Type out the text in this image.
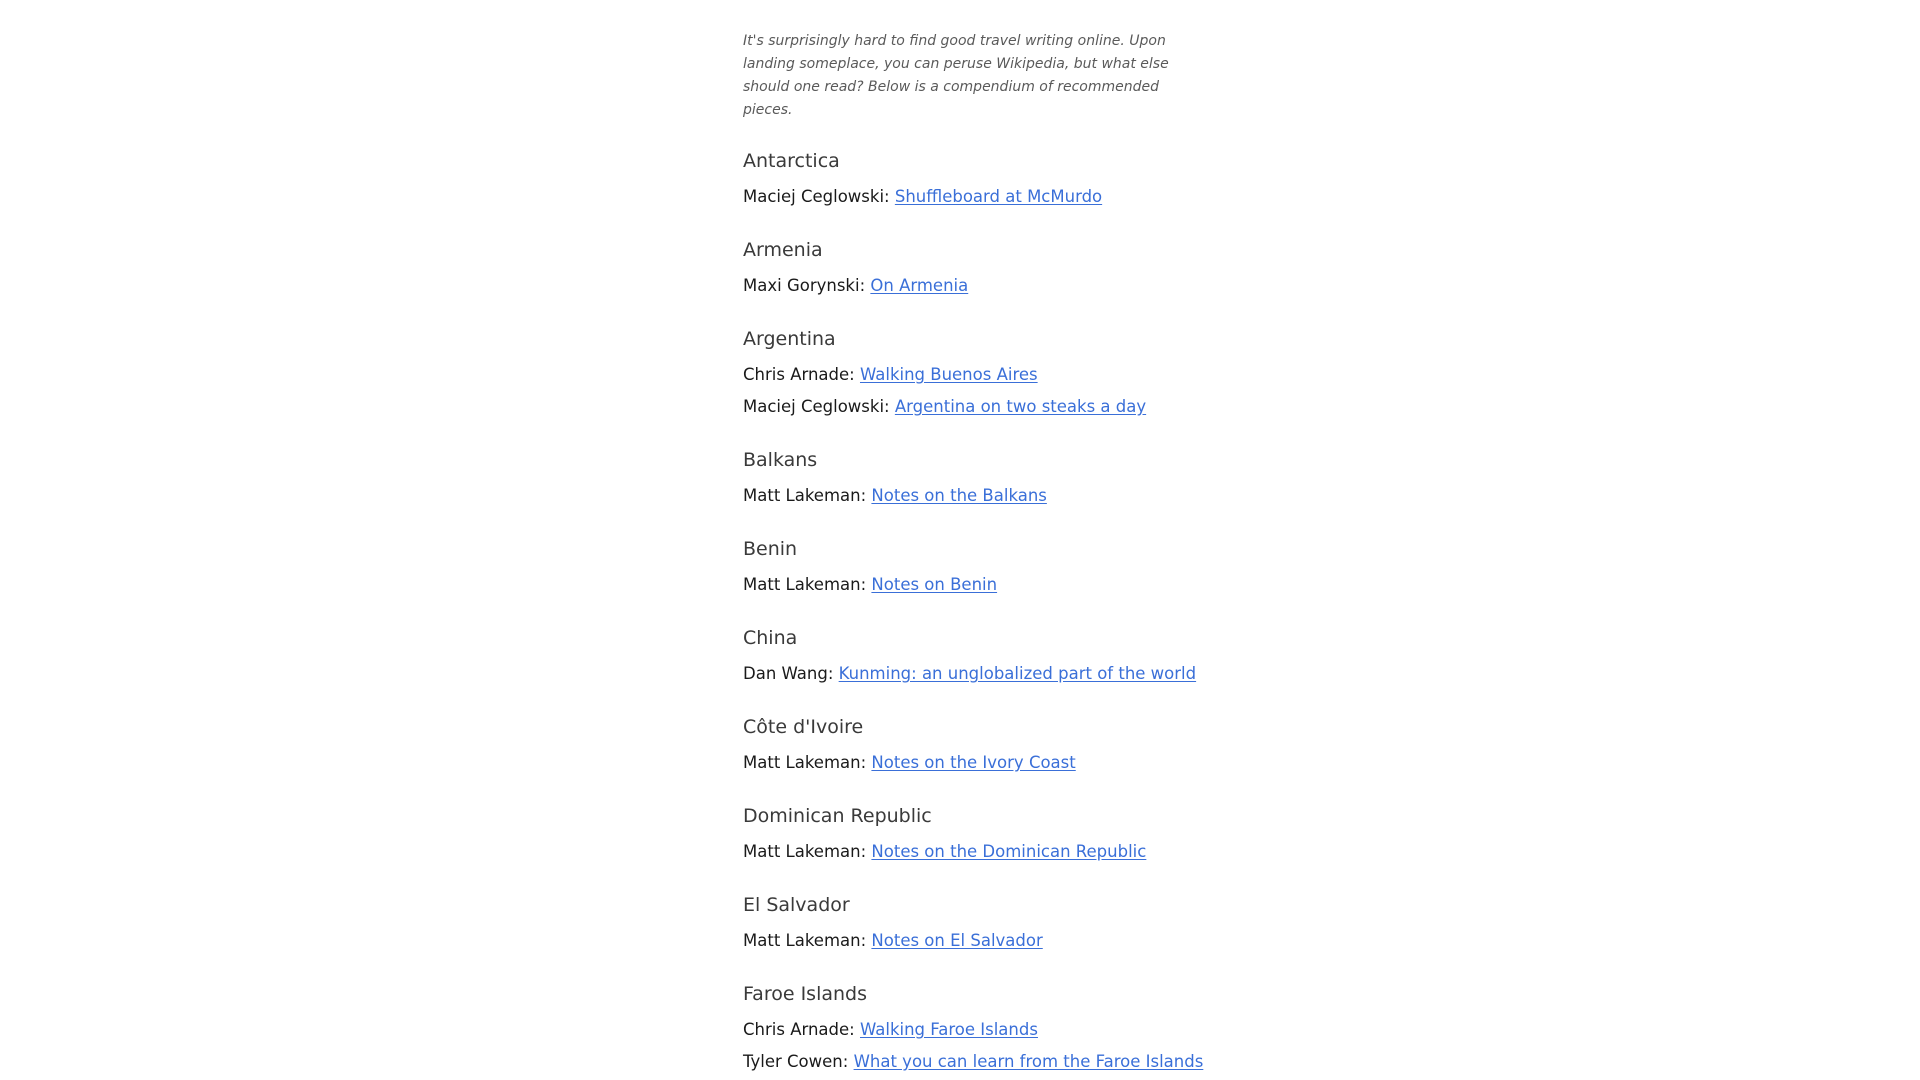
It's surprisingly hard to find good travel writing online. Upon landing someplace, you can peruse Wikipedia, but what else should one read? Below is a compendium of recommended pieces.

Antarctica

Maciej Ceglowski: Shuffleboard at McMurdo

Armenia

Maxi Gorynski: On Armenia

Argentina

Chris Arnade: Walking Buenos Aires

Maciej Ceglowski: Argentina on two steaks a day

Balkans

Matt Lakeman: Notes on the Balkans

Benin

Matt Lakeman: Notes on Benin

China

Dan Wang: Kunming: an unglobalized part of the world

Côte d'Ivoire

Matt Lakeman: Notes on the Ivory Coast

Dominican Republic

Matt Lakeman: Notes on the Dominican Republic

El Salvador

Matt Lakeman: Notes on El Salvador

Faroe Islands

Chris Arnade: Walking Faroe Islands

Tyler Cowen: What you can learn from the Faroe Islands
